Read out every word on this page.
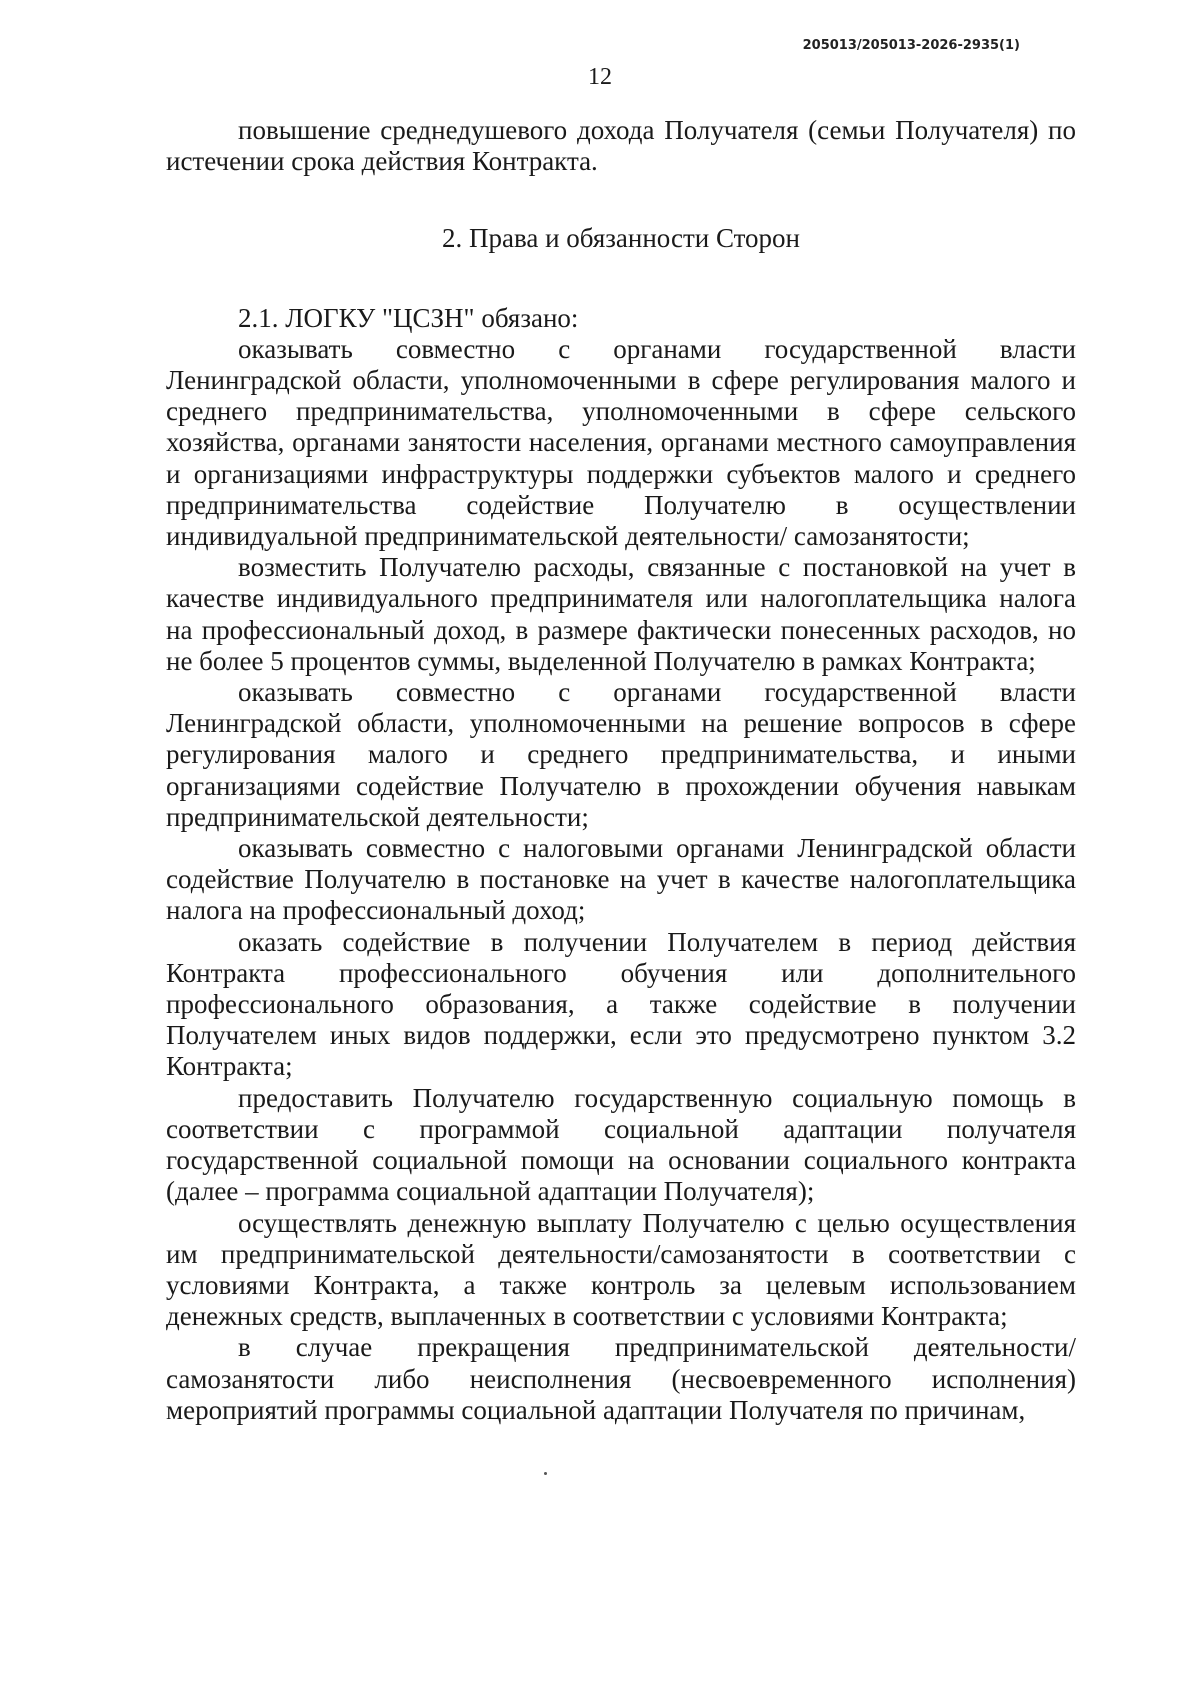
205013/205013-2026-2935(1)
12

повышение среднедушевого дохода Получателя (семьи Получателя) по истечении срока действия Контракта.

2. Права и обязанности Сторон

2.1. ЛОГКУ "ЦСЗН" обязано:

оказывать совместно с органами государственной власти Ленинградской области, уполномоченными в сфере регулирования малого и среднего предпринимательства, уполномоченными в сфере сельского хозяйства, органами занятости населения, органами местного самоуправления и организациями инфраструктуры поддержки субъектов малого и среднего предпринимательства содействие Получателю в осуществлении индивидуальной предпринимательской деятельности/ самозанятости;

возместить Получателю расходы, связанные с постановкой на учет в качестве индивидуального предпринимателя или налогоплательщика налога на профессиональный доход, в размере фактически понесенных расходов, но не более 5 процентов суммы, выделенной Получателю в рамках Контракта;

оказывать совместно с органами государственной власти Ленинградской области, уполномоченными на решение вопросов в сфере регулирования малого и среднего предпринимательства, и иными организациями содействие Получателю в прохождении обучения навыкам предпринимательской деятельности;

оказывать совместно с налоговыми органами Ленинградской области содействие Получателю в постановке на учет в качестве налогоплательщика налога на профессиональный доход;

оказать содействие в получении Получателем в период действия Контракта профессионального обучения или дополнительного профессионального образования, а также содействие в получении Получателем иных видов поддержки, если это предусмотрено пунктом 3.2 Контракта;

предоставить Получателю государственную социальную помощь в соответствии с программой социальной адаптации получателя государственной социальной помощи на основании социального контракта (далее – программа социальной адаптации Получателя);

осуществлять денежную выплату Получателю с целью осуществления им предпринимательской деятельности/самозанятости в соответствии с условиями Контракта, а также контроль за целевым использованием денежных средств, выплаченных в соответствии с условиями Контракта;

в случае прекращения предпринимательской деятельности/ самозанятости либо неисполнения (несвоевременного исполнения) мероприятий программы социальной адаптации Получателя по причинам,
